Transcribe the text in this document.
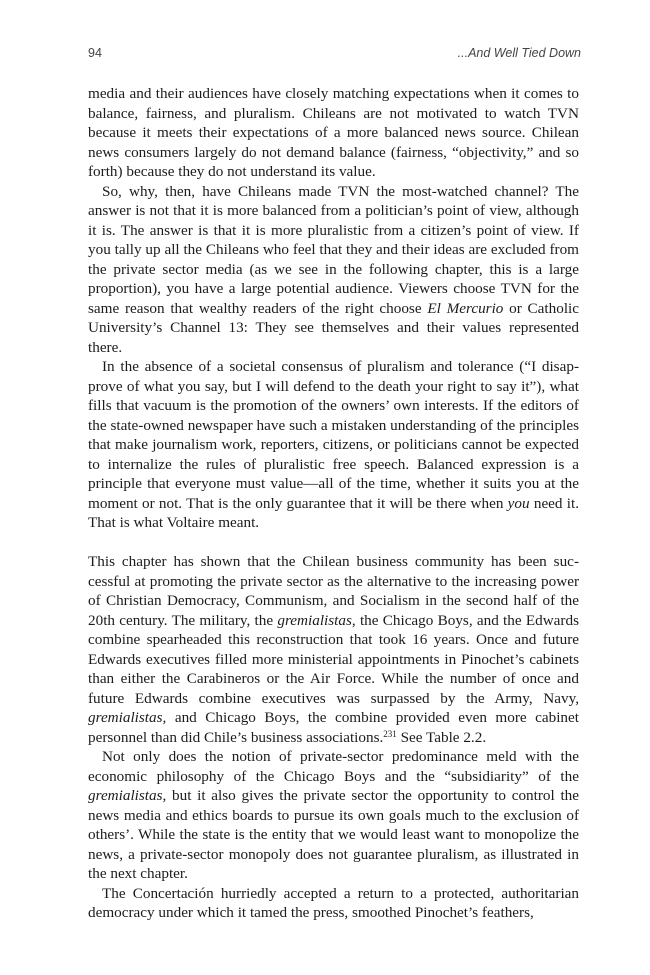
94	...And Well Tied Down

media and their audiences have closely matching expectations when it comes to balance, fairness, and pluralism. Chileans are not motivated to watch TVN because it meets their expectations of a more balanced news source. Chilean news consumers largely do not demand balance (fairness, “objectivity,” and so forth) because they do not understand its value.

So, why, then, have Chileans made TVN the most-watched channel? The answer is not that it is more balanced from a politician’s point of view, although it is. The answer is that it is more pluralistic from a citizen’s point of view. If you tally up all the Chileans who feel that they and their ideas are excluded from the private sector media (as we see in the following chapter, this is a large proportion), you have a large potential audience. Viewers choose TVN for the same reason that wealthy readers of the right choose El Mercurio or Catholic University’s Channel 13: They see themselves and their values represented there.

In the absence of a societal consensus of pluralism and tolerance (“I disapprove of what you say, but I will defend to the death your right to say it”), what fills that vacuum is the promotion of the owners’ own interests. If the editors of the state-owned newspaper have such a mistaken understanding of the principles that make journalism work, reporters, citizens, or politicians cannot be expected to internalize the rules of pluralistic free speech. Balanced expression is a principle that everyone must value—all of the time, whether it suits you at the moment or not. That is the only guarantee that it will be there when you need it. That is what Voltaire meant.

This chapter has shown that the Chilean business community has been successful at promoting the private sector as the alternative to the increasing power of Christian Democracy, Communism, and Socialism in the second half of the 20th century. The military, the gremialistas, the Chicago Boys, and the Edwards combine spearheaded this reconstruction that took 16 years. Once and future Edwards executives filled more ministerial appointments in Pinochet’s cabinets than either the Carabineros or the Air Force. While the number of once and future Edwards combine executives was surpassed by the Army, Navy, gremialistas, and Chicago Boys, the combine provided even more cabinet personnel than did Chile’s business associations.$^{231}$ See Table 2.2.

Not only does the notion of private-sector predominance meld with the economic philosophy of the Chicago Boys and the “subsidiarity” of the gremialistas, but it also gives the private sector the opportunity to control the news media and ethics boards to pursue its own goals much to the exclusion of others’. While the state is the entity that we would least want to monopolize the news, a private-sector monopoly does not guarantee pluralism, as illustrated in the next chapter.

The Concertación hurriedly accepted a return to a protected, authoritarian democracy under which it tamed the press, smoothed Pinochet’s feathers,
